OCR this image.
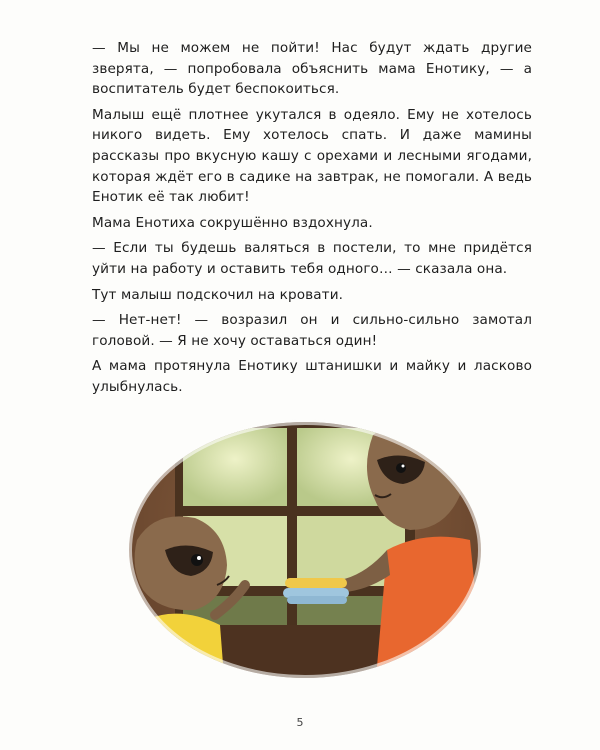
— Мы не можем не пойти! Нас будут ждать другие зверята, — попробовала объяснить мама Енотику, — а воспитатель будет беспокоиться.

Малыш ещё плотнее укутался в одеяло. Ему не хотелось никого видеть. Ему хотелось спать. И даже мамины рассказы про вкусную кашу с орехами и лесными ягодами, которая ждёт его в садике на завтрак, не помогали. А ведь Енотик её так любит!

Мама Енотиха сокрушённо вздохнула.

— Если ты будешь валяться в постели, то мне придётся уйти на работу и оставить тебя одного… — сказала она.

Тут малыш подскочил на кровати.

— Нет-нет! — возразил он и сильно-сильно замотал головой. — Я не хочу оставаться один!

А мама протянула Енотику штанишки и майку и ласково улыбнулась.

5
